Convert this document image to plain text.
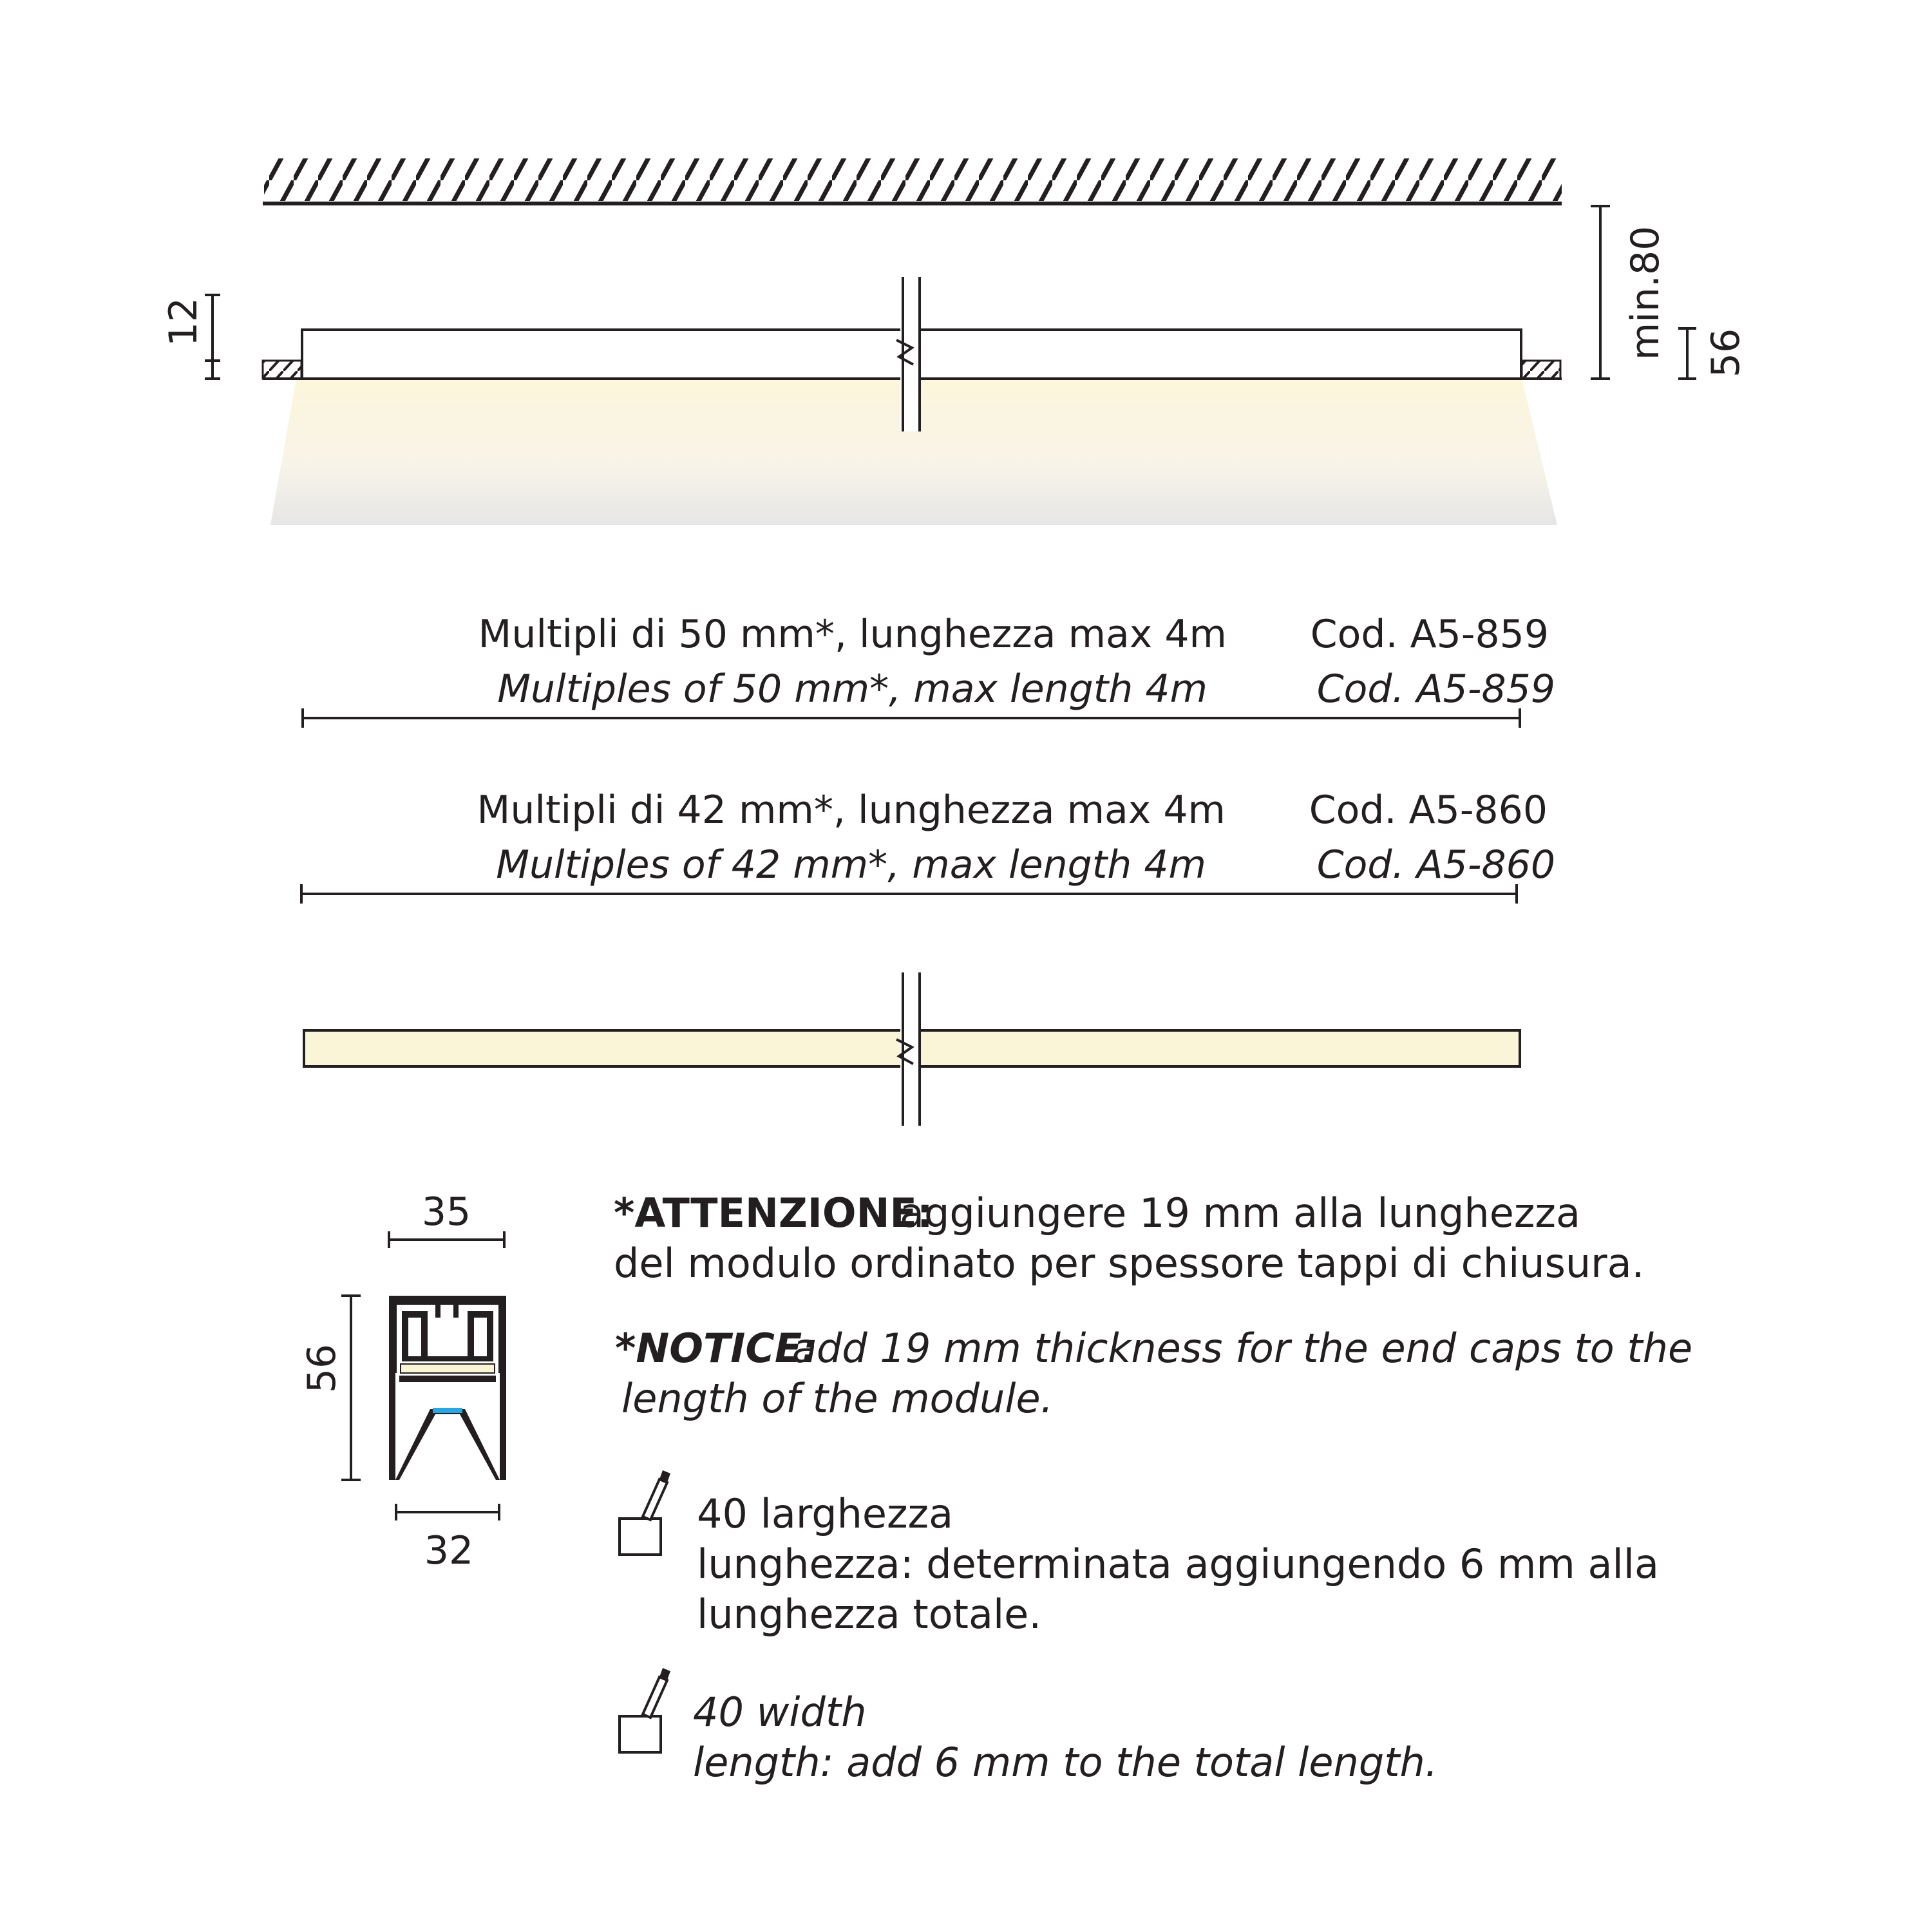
12	min.80 56
Multipli di 50 mm*, lunghezza max 4m
Multiples of 50 mm*, max length 4m
Cod. A5-859
Cod. A5-859
Multipli di 42 mm*, lunghezza max 4m
Multiples of 42 mm*, max length 4m
Cod. A5-860
Cod. A5-860
35
56
32
*ATTENZIONE:
aggiungere 19 mm alla lunghezza
del modulo ordinato per spessore tappi di chiusura.
*NOTICE:
add 19 mm thickness for the end caps to the
length of the module.
40 larghezza
lunghezza: determinata aggiungendo 6 mm alla
lunghezza totale.
40 width
length: add 6 mm to the total length.
